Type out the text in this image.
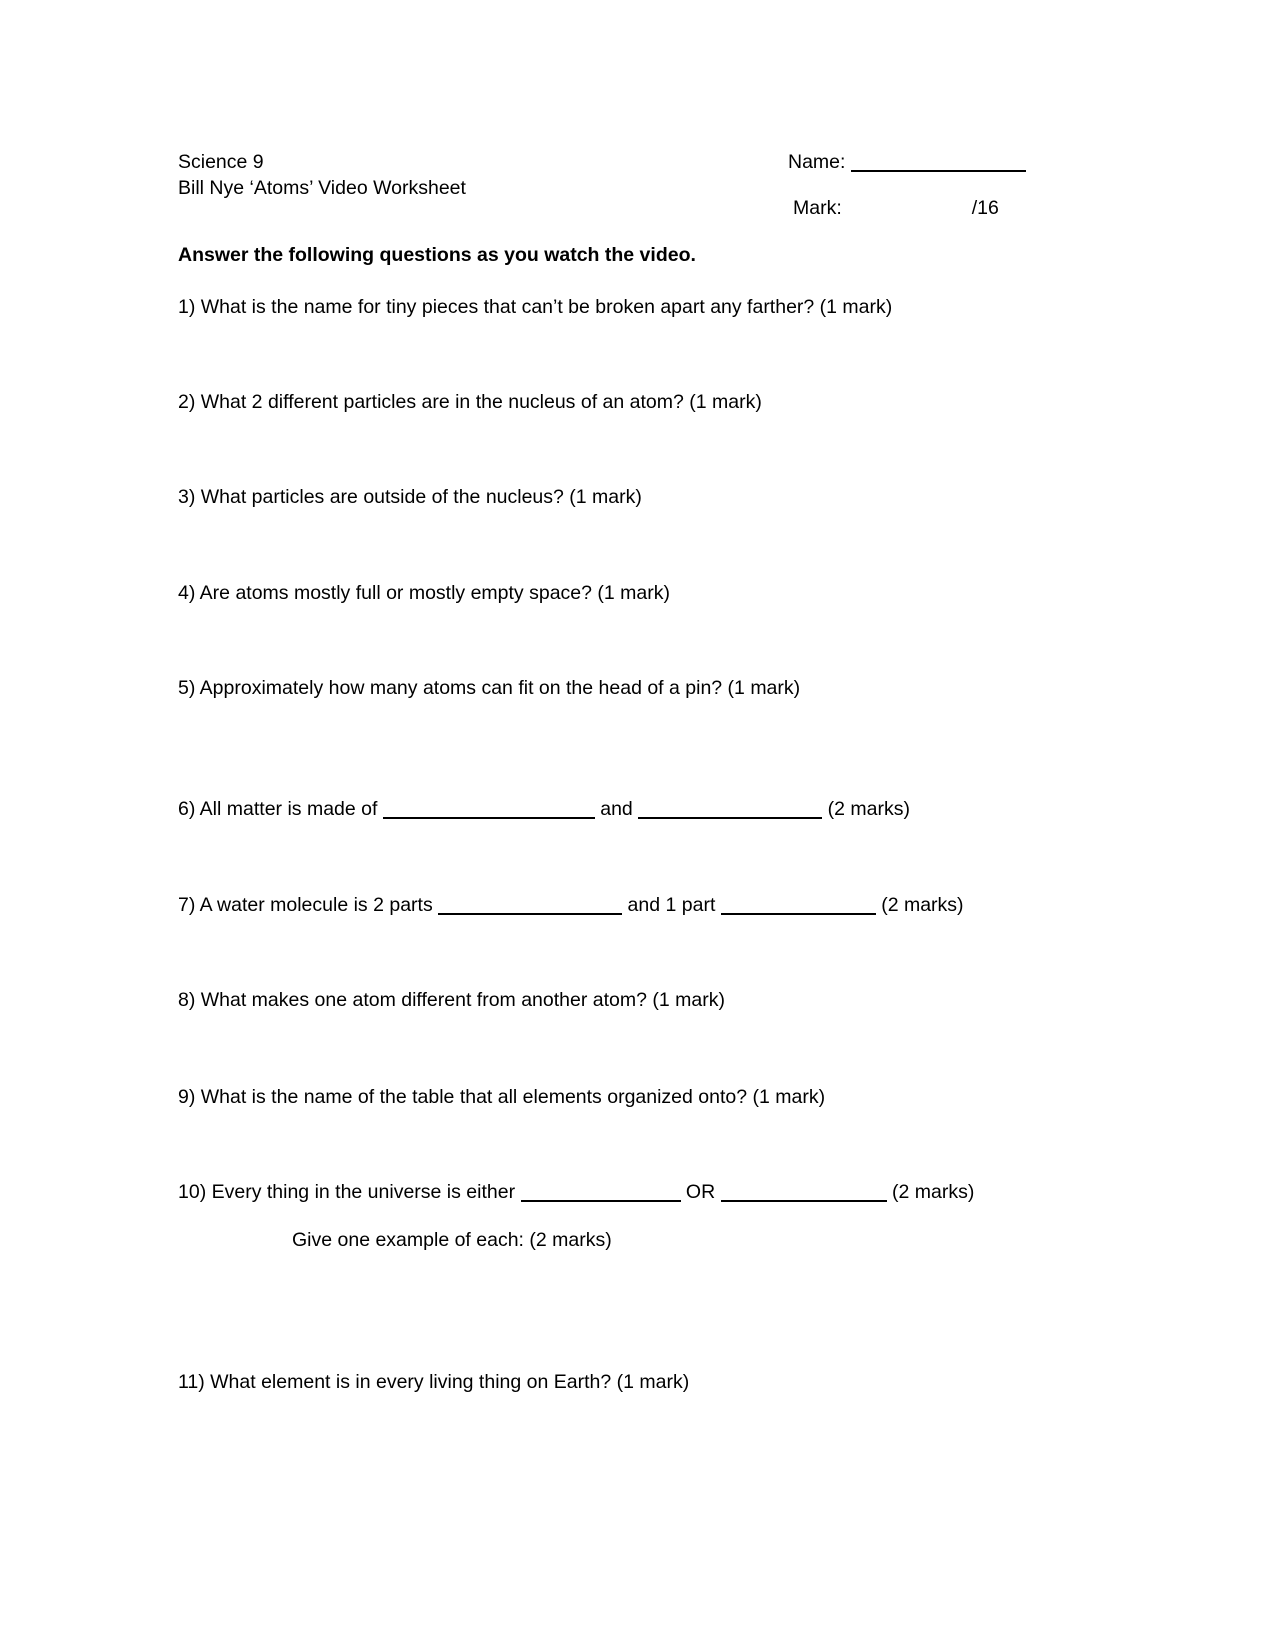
Science 9
Bill Nye ‘Atoms’ Video Worksheet
Name:
Mark:	/16
Answer the following questions as you watch the video.
1) What is the name for tiny pieces that can’t be broken apart any farther? (1 mark)
2) What 2 different particles are in the nucleus of an atom? (1 mark)
3) What particles are outside of the nucleus? (1 mark)
4) Are atoms mostly full or mostly empty space? (1 mark)
5) Approximately how many atoms can fit on the head of a pin? (1 mark)
6) All matter is made of	and	(2 marks)
7) A water molecule is 2 parts	and 1 part	(2 marks)
8) What makes one atom different from another atom? (1 mark)
9) What is the name of the table that all elements organized onto? (1 mark)
10) Every thing in the universe is either	OR	(2 marks)
Give one example of each: (2 marks)
11) What element is in every living thing on Earth? (1 mark)
